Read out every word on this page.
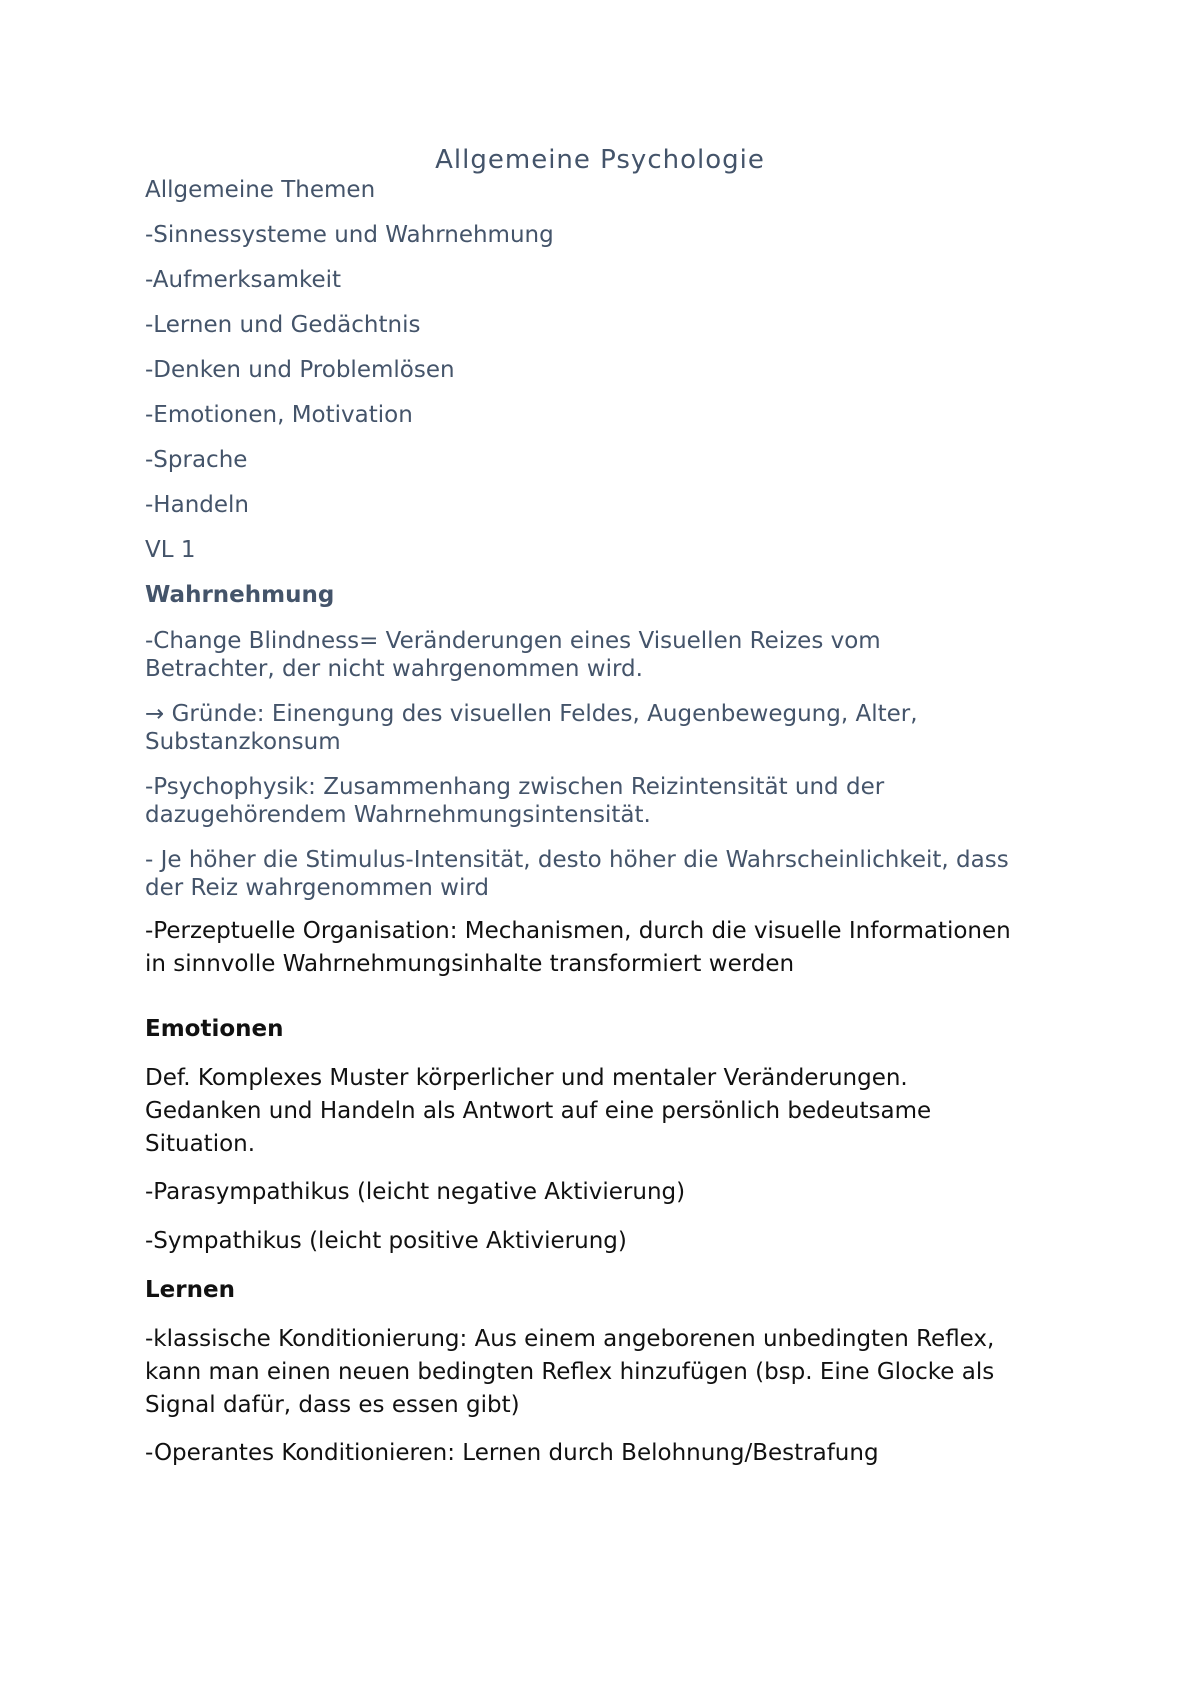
Allgemeine Psychologie
Allgemeine Themen
-Sinnessysteme und Wahrnehmung
-Aufmerksamkeit
-Lernen und Gedächtnis
-Denken und Problemlösen
-Emotionen, Motivation
-Sprache
-Handeln
VL 1
Wahrnehmung
-Change Blindness= Veränderungen eines Visuellen Reizes vom
Betrachter, der nicht wahrgenommen wird.
→ Gründe: Einengung des visuellen Feldes, Augenbewegung, Alter,
Substanzkonsum
-Psychophysik: Zusammenhang zwischen Reizintensität und der
dazugehörendem Wahrnehmungsintensität.
- Je höher die Stimulus-Intensität, desto höher die Wahrscheinlichkeit, dass
der Reiz wahrgenommen wird
-Perzeptuelle Organisation: Mechanismen, durch die visuelle Informationen
in sinnvolle Wahrnehmungsinhalte transformiert werden
Emotionen
Def. Komplexes Muster körperlicher und mentaler Veränderungen.
Gedanken und Handeln als Antwort auf eine persönlich bedeutsame
Situation.
-Parasympathikus (leicht negative Aktivierung)
-Sympathikus (leicht positive Aktivierung)
Lernen
-klassische Konditionierung: Aus einem angeborenen unbedingten Reflex,
kann man einen neuen bedingten Reflex hinzufügen (bsp. Eine Glocke als
Signal dafür, dass es essen gibt)
-Operantes Konditionieren: Lernen durch Belohnung/Bestrafung
